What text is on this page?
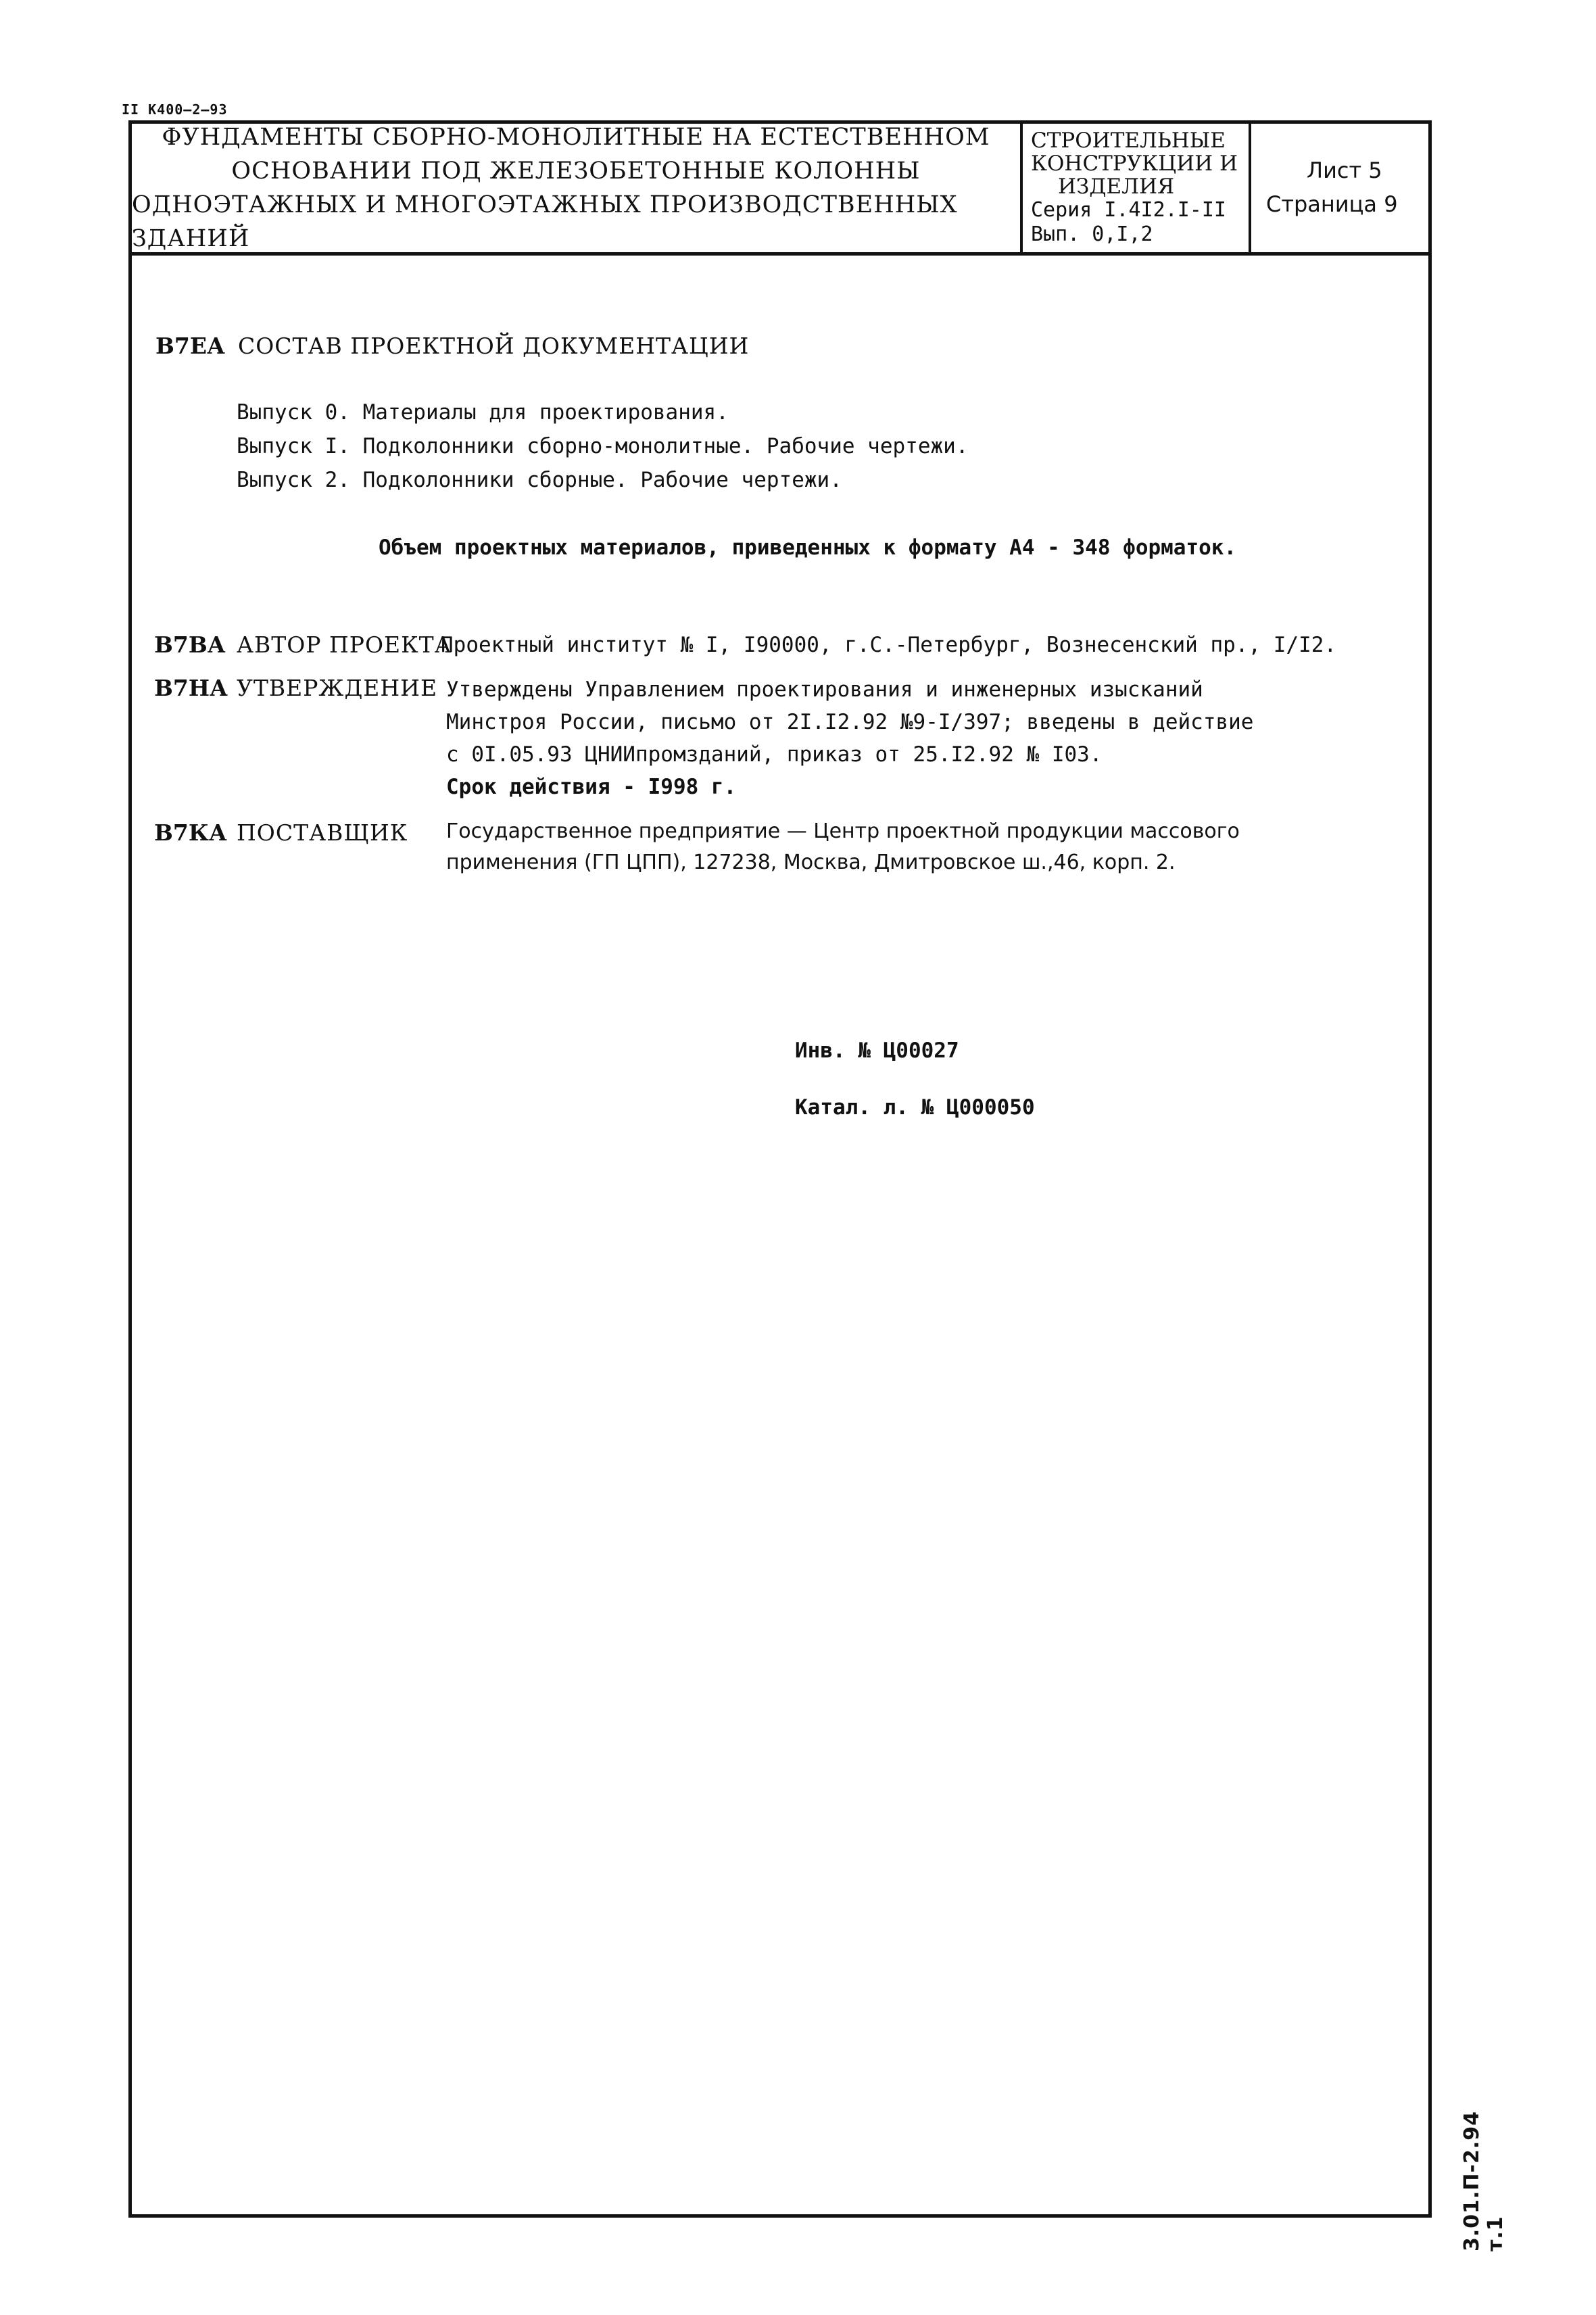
II К400—2—93
ФУНДАМЕНТЫ СБОРНО-МОНОЛИТНЫЕ НА ЕСТЕСТВЕННОМ
ОСНОВАНИИ ПОД ЖЕЛЕЗОБЕТОННЫЕ КОЛОННЫ
ОДНОЭТАЖНЫХ И МНОГОЭТАЖНЫХ ПРОИЗВОДСТВЕННЫХ ЗДАНИЙ
СТРОИТЕЛЬНЫЕ
КОНСТРУКЦИИ И
ИЗДЕЛИЯ
Серия I.4I2.I-II
Вып. 0,I,2
Лист 5
Страница 9
В7ЕА СОСТАВ ПРОЕКТНОЙ ДОКУМЕНТАЦИИ
Выпуск 0. Материалы для проектирования.
Выпуск I. Подколонники сборно-монолитные. Рабочие чертежи.
Выпуск 2. Подколонники сборные. Рабочие чертежи.
Объем проектных материалов, приведенных к формату А4 - 348 форматок.
В7ВА АВТОР ПРОЕКТА
Проектный институт № I, I90000, г.С.-Петербург, Вознесенский пр., I/I2.
В7НА УТВЕРЖДЕНИЕ Утверждены Управлением проектирования и инженерных изысканий
Минстроя России, письмо от 2I.I2.92 №9-I/397; введены в действие
с 0I.05.93 ЦНИИпромзданий, приказ от 25.I2.92 № I03.
Срок действия - I998 г.
В7КА ПОСТАВЩИК Государственное предприятие — Центр проектной продукции массового
применения (ГП ЦПП), 127238, Москва, Дмитровское ш.,46, корп. 2.
Инв. № Ц00027
Катал. л. № Ц000050
3.01.П-2.94 т.1
